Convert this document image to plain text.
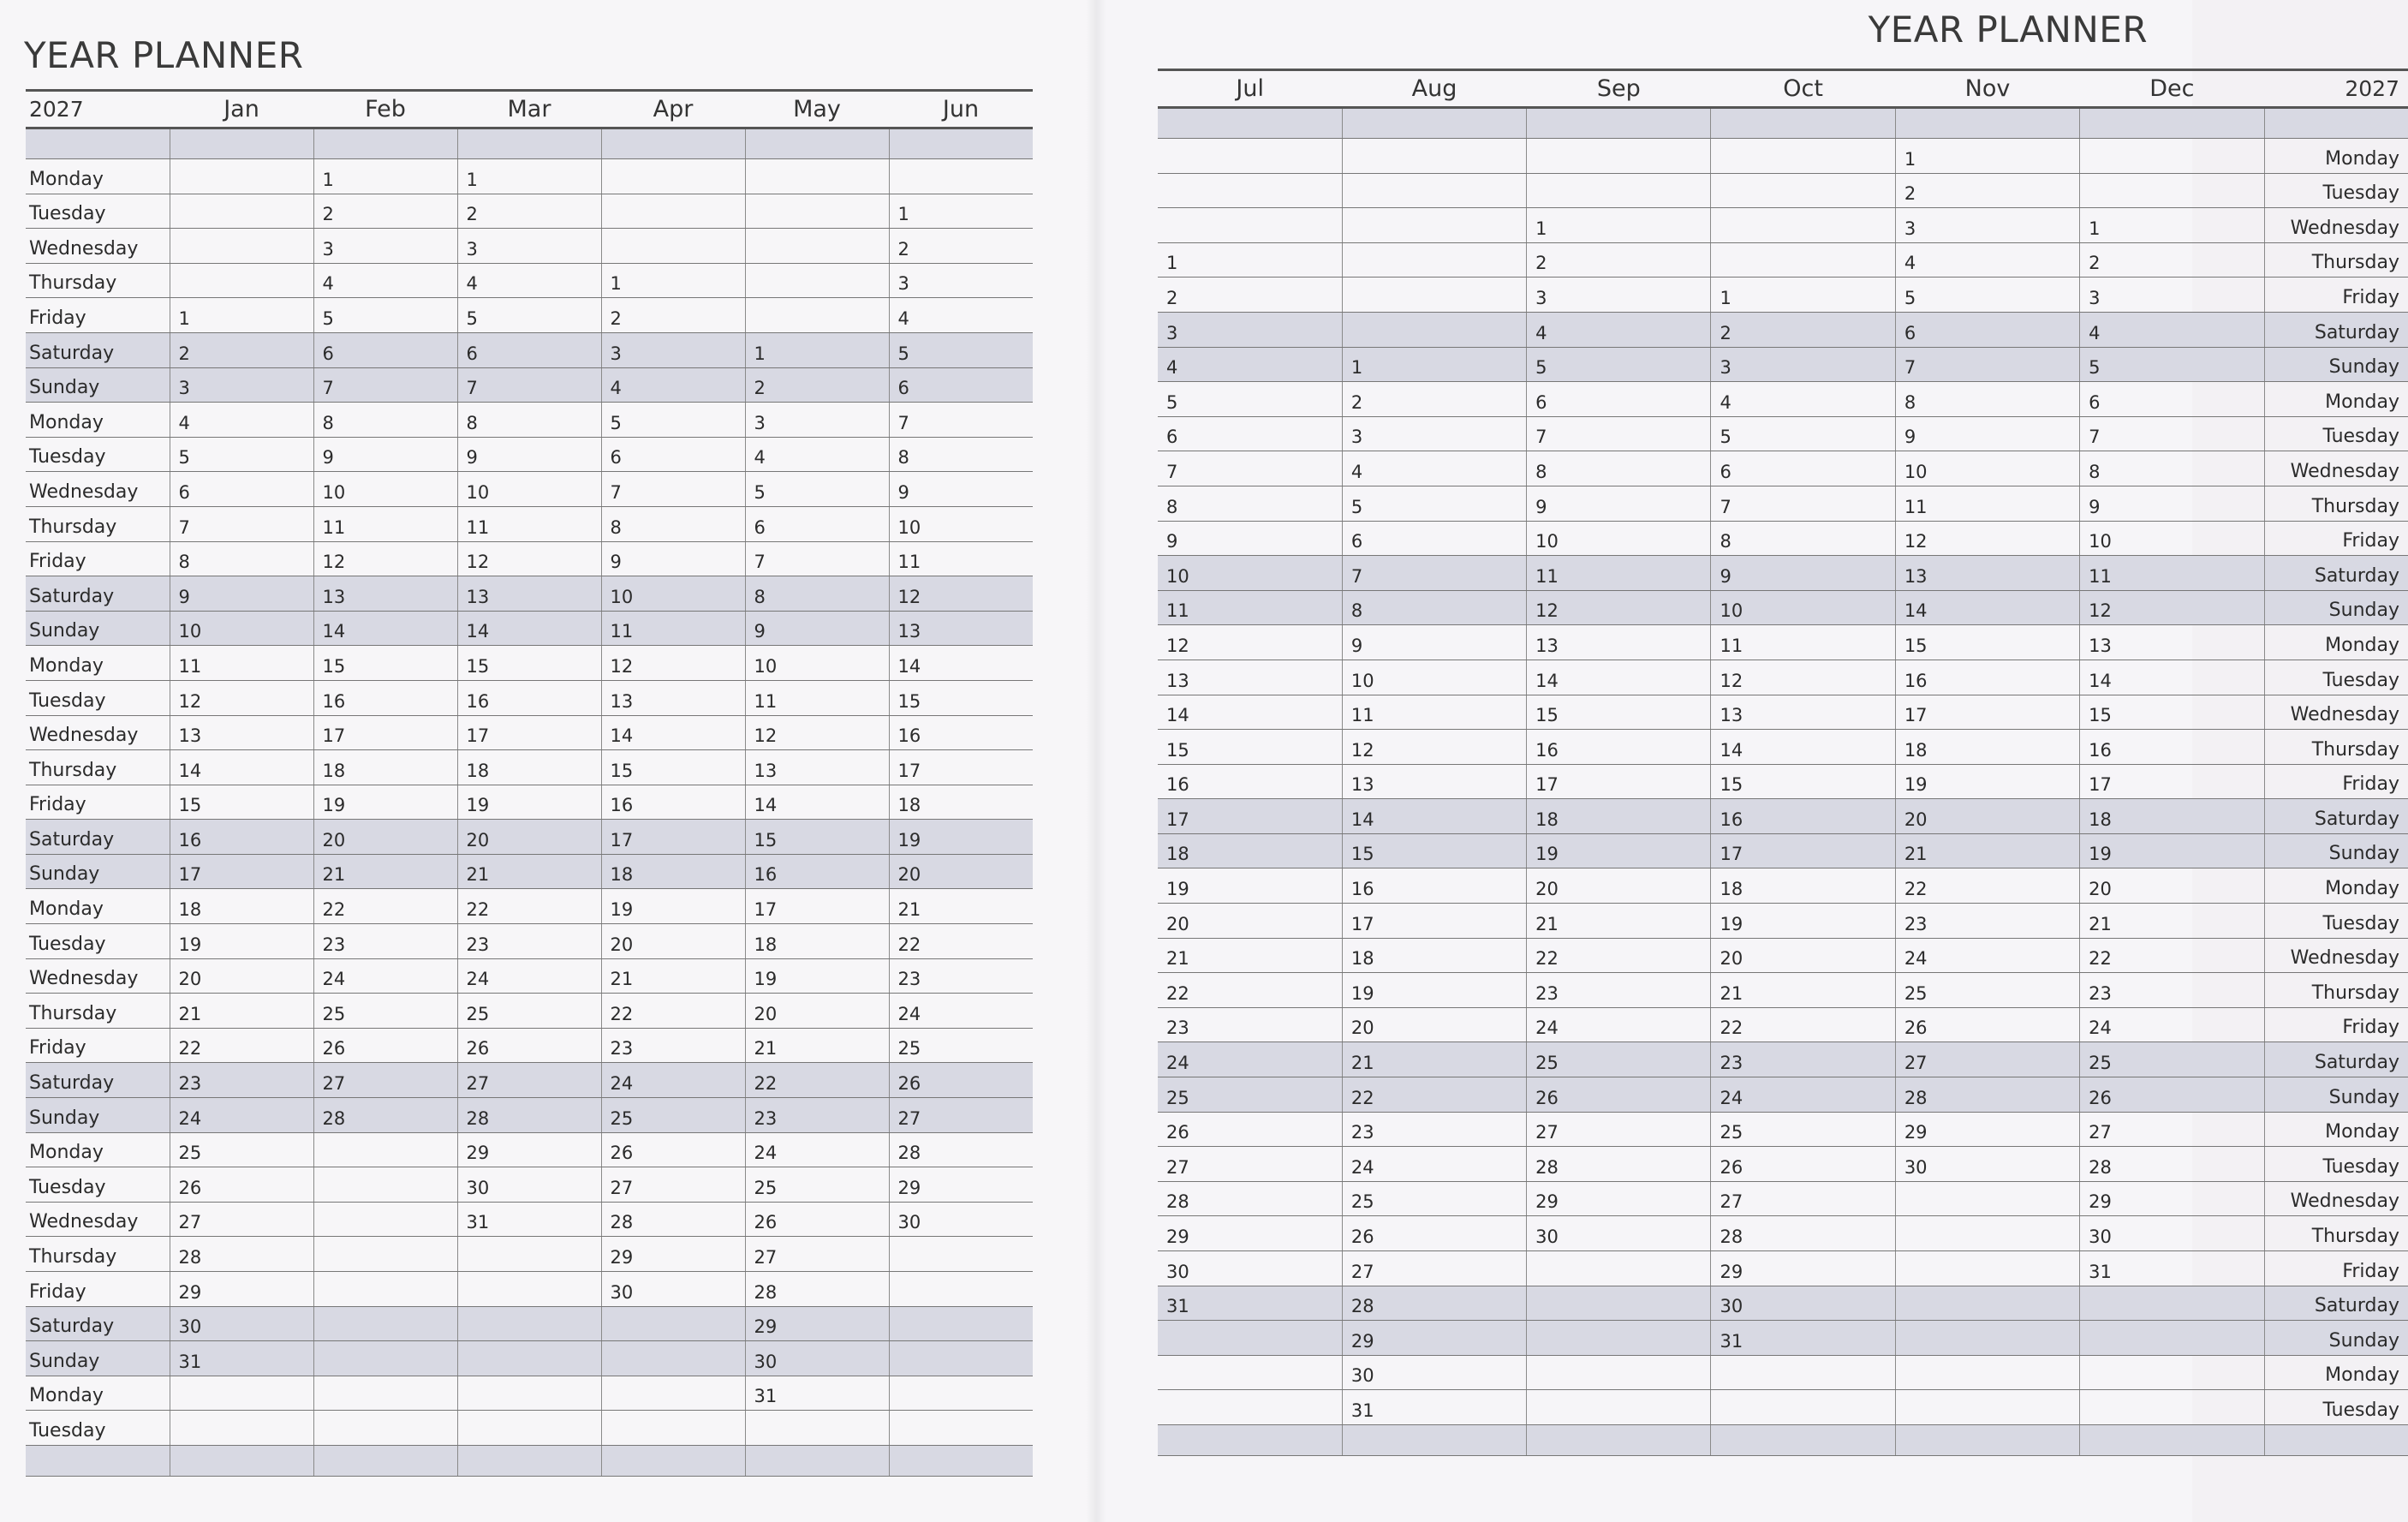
YEAR PLANNER
2027	Jan	Feb	Mar	Apr	May	Jun

Monday		1	1			
Tuesday		2	2			1
Wednesday		3	3			2
Thursday		4	4	1		3
Friday	1	5	5	2		4
Saturday	2	6	6	3	1	5
Sunday	3	7	7	4	2	6
Monday	4	8	8	5	3	7
Tuesday	5	9	9	6	4	8
Wednesday	6	10	10	7	5	9
Thursday	7	11	11	8	6	10
Friday	8	12	12	9	7	11
Saturday	9	13	13	10	8	12
Sunday	10	14	14	11	9	13
Monday	11	15	15	12	10	14
Tuesday	12	16	16	13	11	15
Wednesday	13	17	17	14	12	16
Thursday	14	18	18	15	13	17
Friday	15	19	19	16	14	18
Saturday	16	20	20	17	15	19
Sunday	17	21	21	18	16	20
Monday	18	22	22	19	17	21
Tuesday	19	23	23	20	18	22
Wednesday	20	24	24	21	19	23
Thursday	21	25	25	22	20	24
Friday	22	26	26	23	21	25
Saturday	23	27	27	24	22	26
Sunday	24	28	28	25	23	27
Monday	25		29	26	24	28
Tuesday	26		30	27	25	29
Wednesday	27		31	28	26	30
Thursday	28			29	27	
Friday	29			30	28	
Saturday	30				29	
Sunday	31				30	
Monday					31	
Tuesday						

YEAR PLANNER
Jul	Aug	Sep	Oct	Nov	Dec	2027

				1		Monday
				2		Tuesday
		1		3	1	Wednesday
1		2		4	2	Thursday
2		3	1	5	3	Friday
3		4	2	6	4	Saturday
4	1	5	3	7	5	Sunday
5	2	6	4	8	6	Monday
6	3	7	5	9	7	Tuesday
7	4	8	6	10	8	Wednesday
8	5	9	7	11	9	Thursday
9	6	10	8	12	10	Friday
10	7	11	9	13	11	Saturday
11	8	12	10	14	12	Sunday
12	9	13	11	15	13	Monday
13	10	14	12	16	14	Tuesday
14	11	15	13	17	15	Wednesday
15	12	16	14	18	16	Thursday
16	13	17	15	19	17	Friday
17	14	18	16	20	18	Saturday
18	15	19	17	21	19	Sunday
19	16	20	18	22	20	Monday
20	17	21	19	23	21	Tuesday
21	18	22	20	24	22	Wednesday
22	19	23	21	25	23	Thursday
23	20	24	22	26	24	Friday
24	21	25	23	27	25	Saturday
25	22	26	24	28	26	Sunday
26	23	27	25	29	27	Monday
27	24	28	26	30	28	Tuesday
28	25	29	27		29	Wednesday
29	26	30	28		30	Thursday
30	27		29		31	Friday
31	28		30			Saturday
	29		31			Sunday
	30					Monday
	31					Tuesday
